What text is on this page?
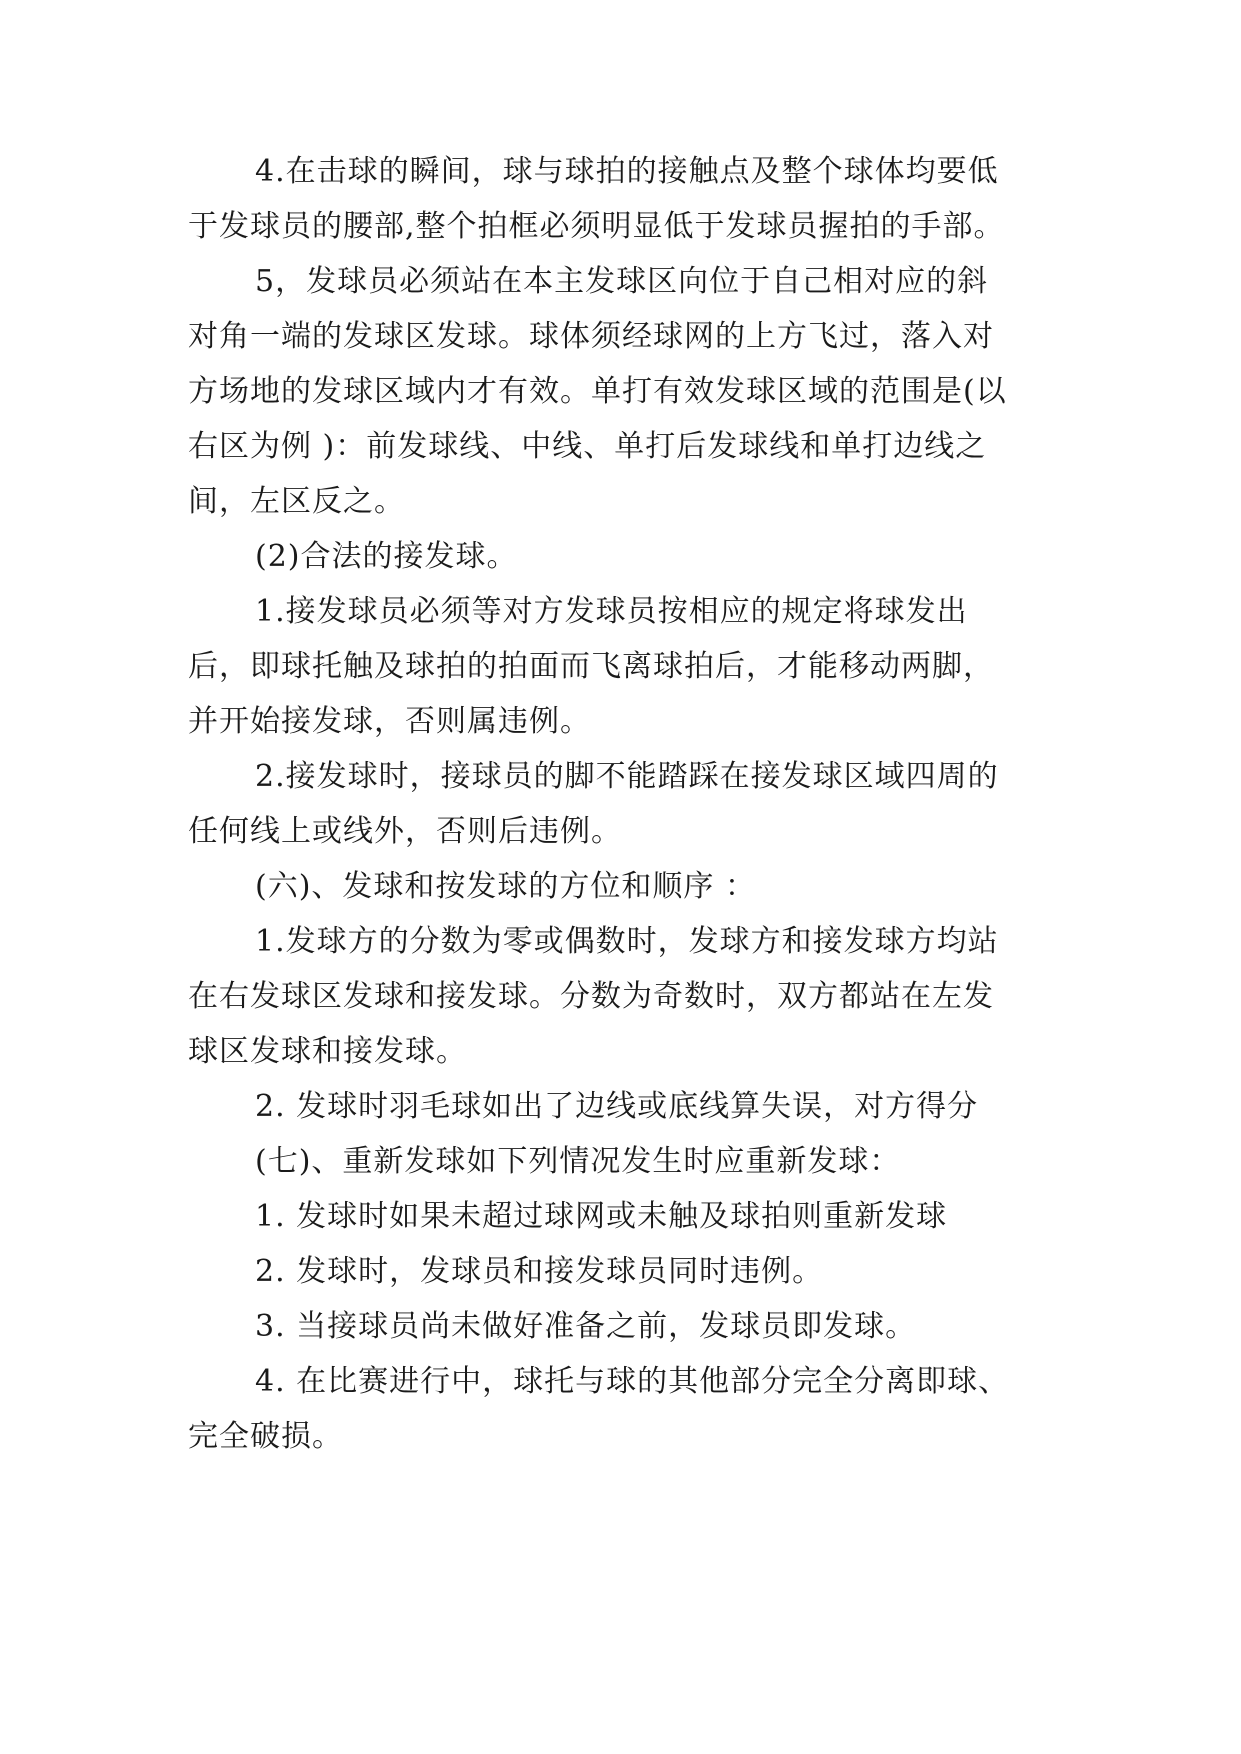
4.在击球的瞬间，球与球拍的接触点及整个球体均要低
于发球员的腰部,整个拍框必须明显低于发球员握拍的手部。
5，发球员必须站在本主发球区向位于自己相对应的斜
对角一端的发球区发球。球体须经球网的上方飞过，落入对
方场地的发球区域内才有效。单打有效发球区域的范围是(以
右区为例 )：前发球线、中线、单打后发球线和单打边线之
间，左区反之。
(2)合法的接发球。
1.接发球员必须等对方发球员按相应的规定将球发出
后，即球托触及球拍的拍面而飞离球拍后，才能移动两脚，
并开始接发球，否则属违例。
2.接发球时，接球员的脚不能踏踩在接发球区域四周的
任何线上或线外，否则后违例。
(六)、发球和按发球的方位和顺序 ：
1.发球方的分数为零或偶数时，发球方和接发球方均站
在右发球区发球和接发球。分数为奇数时，双方都站在左发
球区发球和接发球。
2. 发球时羽毛球如出了边线或底线算失误，对方得分
(七)、重新发球如下列情况发生时应重新发球：
1. 发球时如果未超过球网或未触及球拍则重新发球
2. 发球时，发球员和接发球员同时违例。
3. 当接球员尚未做好准备之前，发球员即发球。
4. 在比赛进行中，球托与球的其他部分完全分离即球、
完全破损。
